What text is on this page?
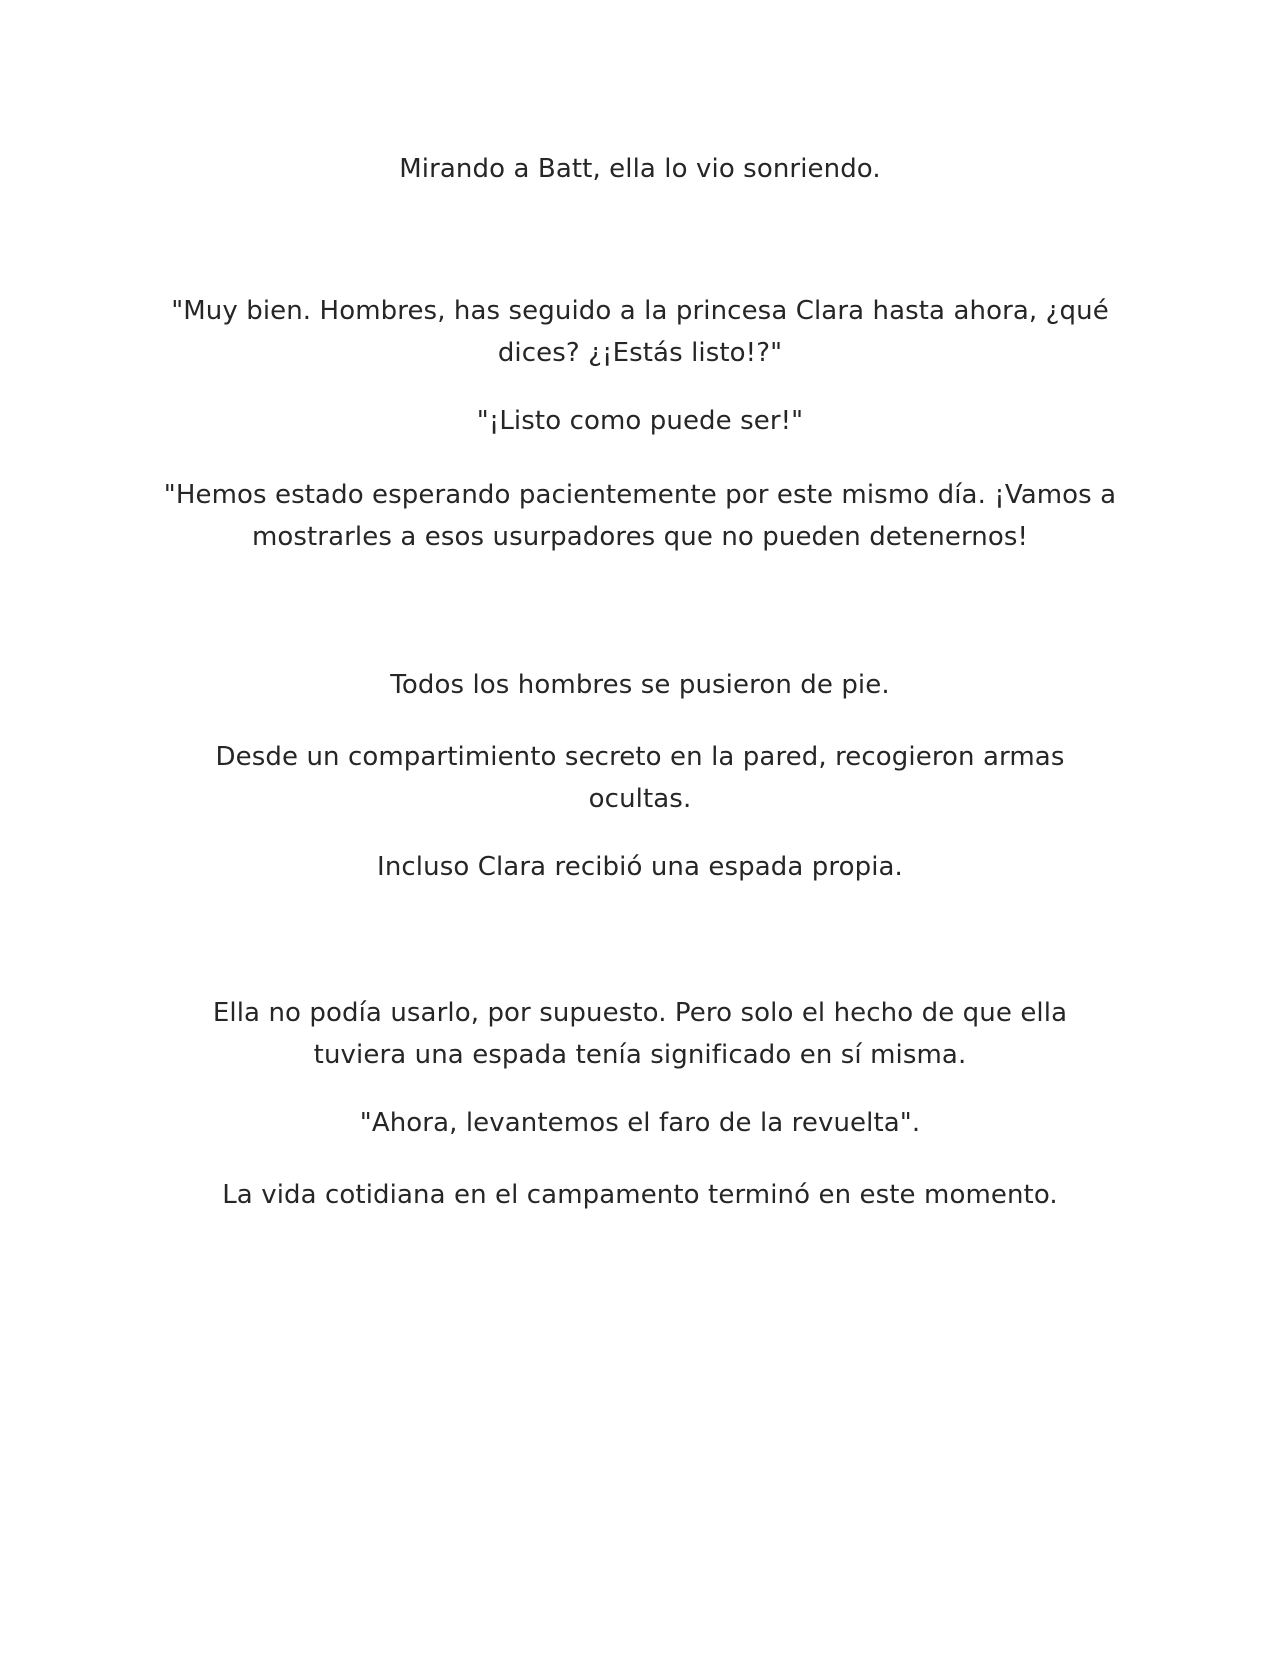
Mirando a Batt, ella lo vio sonriendo.

"Muy bien. Hombres, has seguido a la princesa Clara hasta ahora, ¿qué
dices? ¿¡Estás listo!?"

"¡Listo como puede ser!"

"Hemos estado esperando pacientemente por este mismo día. ¡Vamos a
mostrarles a esos usurpadores que no pueden detenernos!

Todos los hombres se pusieron de pie.

Desde un compartimiento secreto en la pared, recogieron armas
ocultas.

Incluso Clara recibió una espada propia.

Ella no podía usarlo, por supuesto. Pero solo el hecho de que ella
tuviera una espada tenía significado en sí misma.

"Ahora, levantemos el faro de la revuelta".

La vida cotidiana en el campamento terminó en este momento.
